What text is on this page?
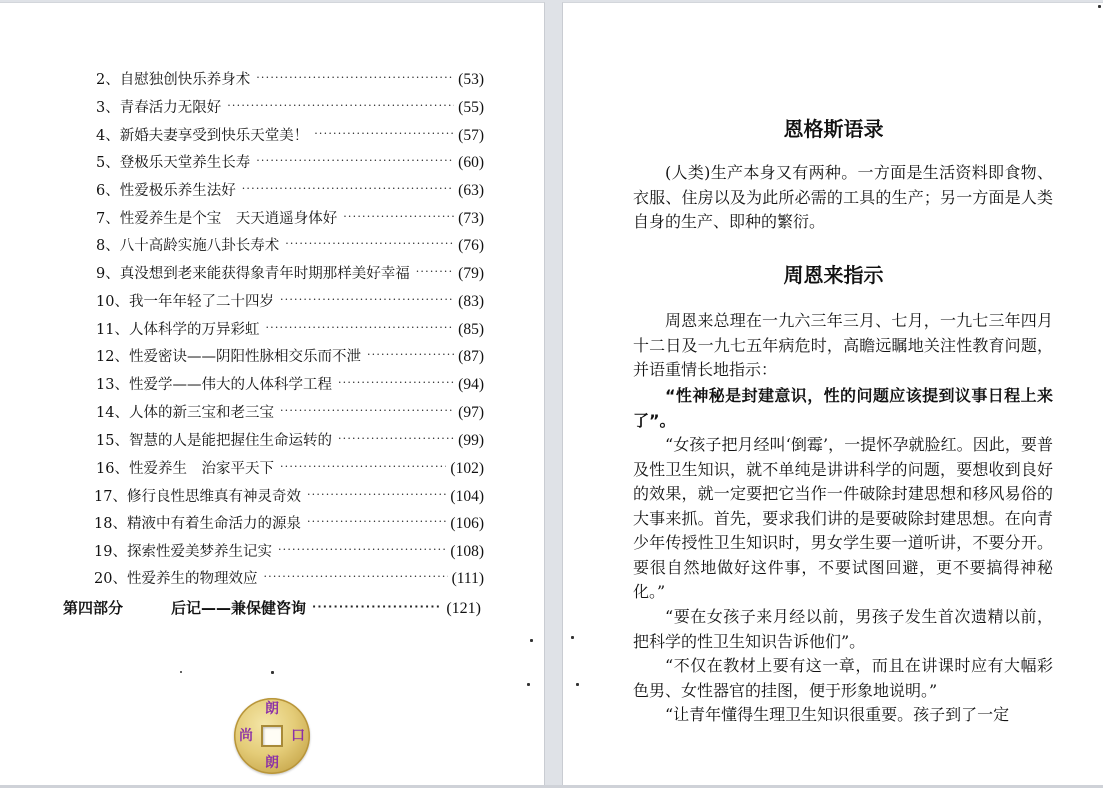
2、自慰独创快乐养身术 ·····	(53)
3、青春活力无限好 ·····	(55)
4、新婚夫妻享受到快乐天堂美！ ·····	(57)
5、登极乐天堂养生长寿 ·····	(60)
6、性爱极乐养生法好 ·····	(63)
7、性爱养生是个宝　天天逍遥身体好 ·····	(73)
8、八十高龄实施八卦长寿术 ·····	(76)
9、真没想到老来能获得象青年时期那样美好幸福 ·····	(79)
10、我一年年轻了二十四岁 ·····	(83)
11、人体科学的万异彩虹 ·····	(85)
12、性爱密诀——阴阳性脉相交乐而不泄 ·····	(87)
13、性爱学——伟大的人体科学工程 ·····	(94)
14、人体的新三宝和老三宝 ·····	(97)
15、智慧的人是能把握住生命运转的 ·····	(99)
16、性爱养生　治家平天下 ·····	(102)
17、修行良性思维真有神灵奇效 ·····	(104)
18、精液中有着生命活力的源泉 ·····	(106)
19、探索性爱美梦养生记实 ·····	(108)
20、性爱养生的物理效应 ·····	(111)
第四部分	后记——兼保健咨询 ·····	(121)
朗
朗
尚	口
恩格斯语录
(人类)生产本身又有两种。一方面是生活资料即食物、衣服、住房以及为此所必需的工具的生产；另一方面是人类自身的生产、即种的繁衍。
周恩来指示
周恩来总理在一九六三年三月、七月，一九七三年四月十二日及一九七五年病危时，高瞻远瞩地关注性教育问题，并语重情长地指示：
“性神秘是封建意识，性的问题应该提到议事日程上来了”。
“女孩子把月经叫‘倒霉’，一提怀孕就脸红。因此，要普及性卫生知识，就不单纯是讲讲科学的问题，要想收到良好的效果，就一定要把它当作一件破除封建思想和移风易俗的大事来抓。首先，要求我们讲的是要破除封建思想。在向青少年传授性卫生知识时，男女学生要一道听讲，不要分开。要很自然地做好这件事，不要试图回避，更不要搞得神秘化。”
“要在女孩子来月经以前，男孩子发生首次遗精以前，把科学的性卫生知识告诉他们”。
“不仅在教材上要有这一章，而且在讲课时应有大幅彩色男、女性器官的挂图，便于形象地说明。”
“让青年懂得生理卫生知识很重要。孩子到了一定
